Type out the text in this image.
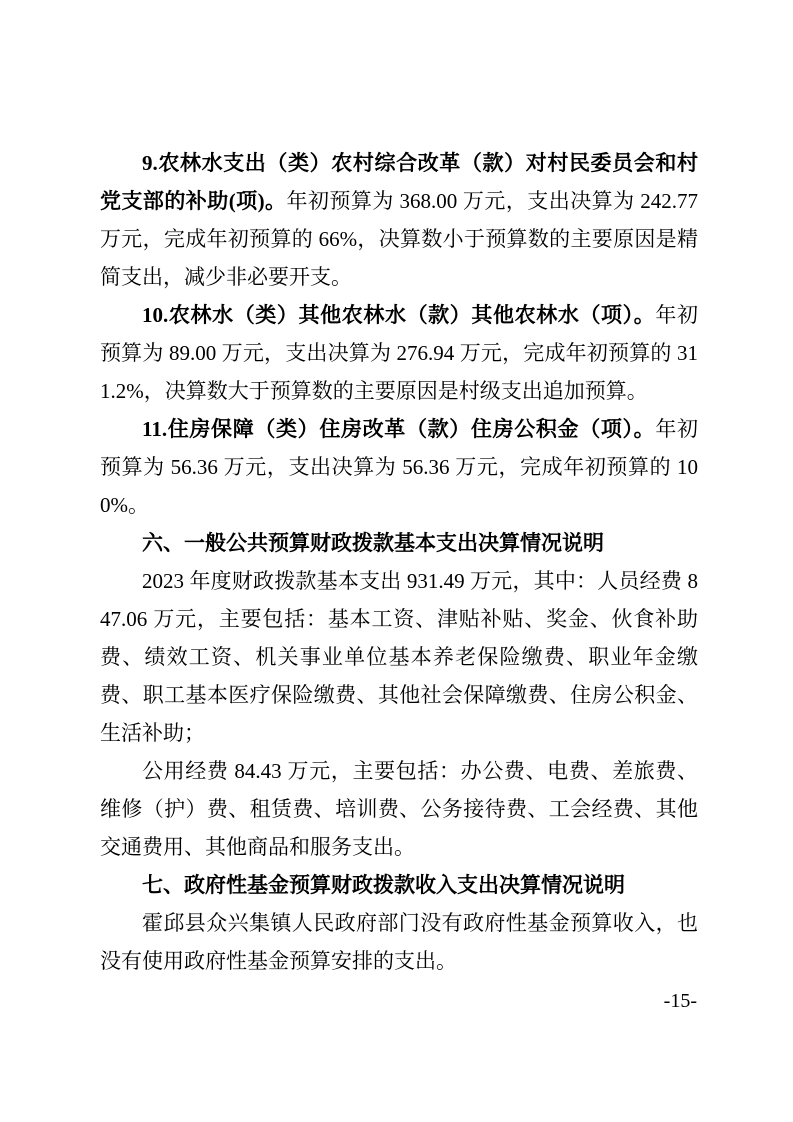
9.农林水支出（类）农村综合改革（款）对村民委员会和村党支部的补助(项)。年初预算为 368.00 万元，支出决算为 242.77 万元，完成年初预算的 66%，决算数小于预算数的主要原因是精简支出，减少非必要开支。

10.农林水（类）其他农林水（款）其他农林水（项）。年初预算为 89.00 万元，支出决算为 276.94 万元，完成年初预算的 311.2%，决算数大于预算数的主要原因是村级支出追加预算。

11.住房保障（类）住房改革（款）住房公积金（项）。年初预算为 56.36 万元，支出决算为 56.36 万元，完成年初预算的 100%。

六、一般公共预算财政拨款基本支出决算情况说明

2023 年度财政拨款基本支出 931.49 万元，其中：人员经费 847.06 万元，主要包括：基本工资、津贴补贴、奖金、伙食补助费、绩效工资、机关事业单位基本养老保险缴费、职业年金缴费、职工基本医疗保险缴费、其他社会保障缴费、住房公积金、生活补助；

公用经费 84.43 万元，主要包括：办公费、电费、差旅费、维修（护）费、租赁费、培训费、公务接待费、工会经费、其他交通费用、其他商品和服务支出。

七、政府性基金预算财政拨款收入支出决算情况说明

霍邱县众兴集镇人民政府部门没有政府性基金预算收入，也没有使用政府性基金预算安排的支出。

-15-
